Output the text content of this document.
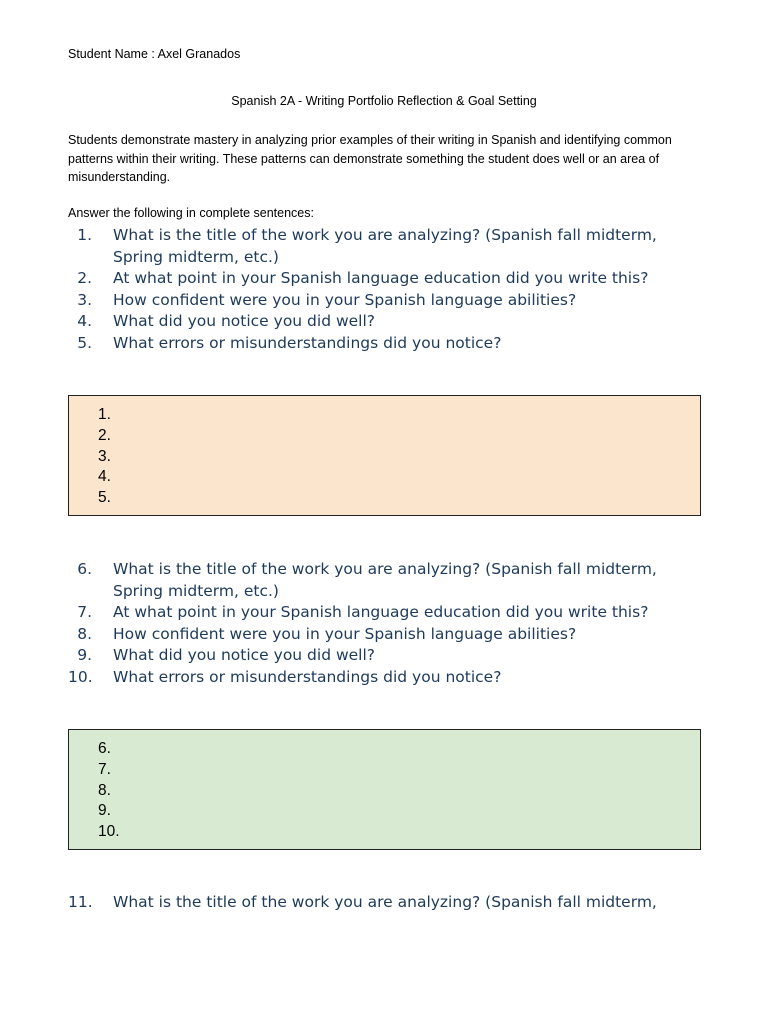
Student Name : Axel Granados
Spanish 2A - Writing Portfolio Reflection & Goal Setting
Students demonstrate mastery in analyzing prior examples of their writing in Spanish and identifying common patterns within their writing. These patterns can demonstrate something the student does well or an area of misunderstanding.
Answer the following in complete sentences:
1.	What is the title of the work you are analyzing? (Spanish fall midterm, Spring midterm, etc.)
2.	At what point in your Spanish language education did you write this?
3.	How confident were you in your Spanish language abilities?
4.	What did you notice you did well?
5.	What errors or misunderstandings did you notice?
1.
2.
3.
4.
5.
6.	What is the title of the work you are analyzing? (Spanish fall midterm, Spring midterm, etc.)
7.	At what point in your Spanish language education did you write this?
8.	How confident were you in your Spanish language abilities?
9.	What did you notice you did well?
10.	What errors or misunderstandings did you notice?
6.
7.
8.
9.
10.
11.	What is the title of the work you are analyzing? (Spanish fall midterm,
